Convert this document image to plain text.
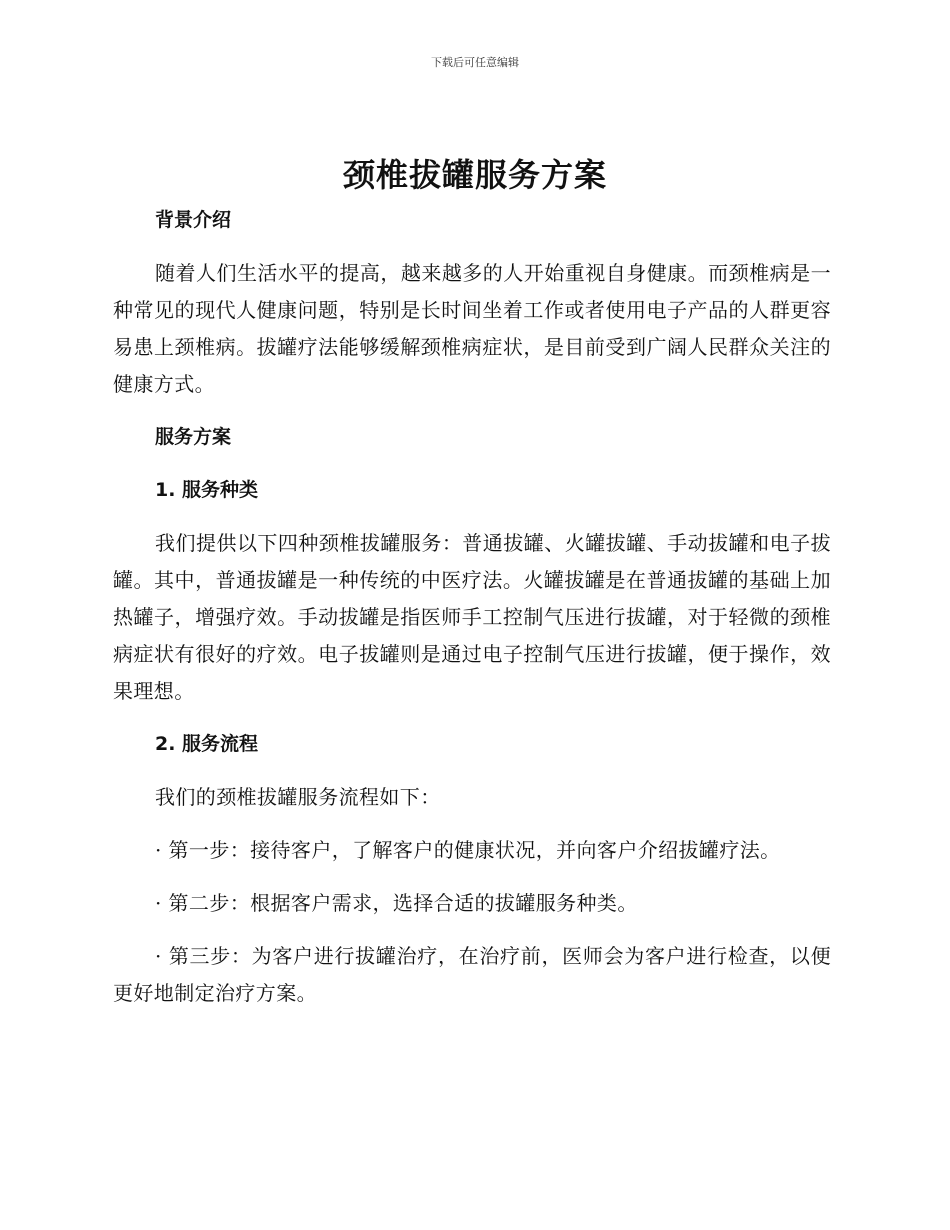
下载后可任意编辑
颈椎拔罐服务方案

背景介绍

随着人们生活水平的提高，越来越多的人开始重视自身健康。而颈椎病是一种常见的现代人健康问题，特别是长时间坐着工作或者使用电子产品的人群更容易患上颈椎病。拔罐疗法能够缓解颈椎病症状，是目前受到广阔人民群众关注的健康方式。

服务方案

1. 服务种类

我们提供以下四种颈椎拔罐服务：普通拔罐、火罐拔罐、手动拔罐和电子拔罐。其中，普通拔罐是一种传统的中医疗法。火罐拔罐是在普通拔罐的基础上加热罐子，增强疗效。手动拔罐是指医师手工控制气压进行拔罐，对于轻微的颈椎病症状有很好的疗效。电子拔罐则是通过电子控制气压进行拔罐，便于操作，效果理想。

2. 服务流程

我们的颈椎拔罐服务流程如下：

· 第一步：接待客户，了解客户的健康状况，并向客户介绍拔罐疗法。

· 第二步：根据客户需求，选择合适的拔罐服务种类。

· 第三步：为客户进行拔罐治疗，在治疗前，医师会为客户进行检查，以便更好地制定治疗方案。
